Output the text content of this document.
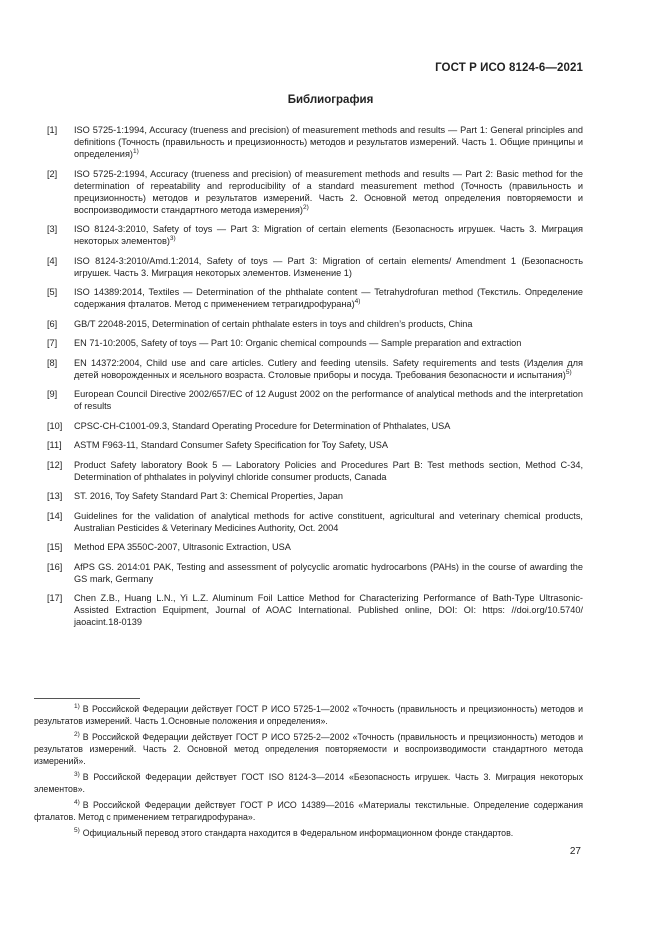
ГОСТ Р ИСО 8124-6—2021
Библиография
[1]	ISO 5725-1:1994, Accuracy (trueness and precision) of measurement methods and results — Part 1: General principles and definitions (Точность (правильность и прецизионность) методов и результатов измерений. Часть 1. Общие принципы и определения)$^{1)}$
[2]	ISO 5725-2:1994, Accuracy (trueness and precision) of measurement methods and results — Part 2: Basic method for the determination of repeatability and reproducibility of a standard measurement method (Точность (правильность и прецизионность) методов и результатов измерений. Часть 2. Основной метод определения повторяемости и воспроизводимости стандартного метода измерения)$^{2)}$
[3]	ISO 8124-3:2010, Safety of toys — Part 3: Migration of certain elements (Безопасность игрушек. Часть 3. Миграция некоторых элементов)$^{3)}$
[4]	ISO 8124-3:2010/Amd.1:2014, Safety of toys — Part 3: Migration of certain elements/ Amendment 1 (Безопасность игрушек. Часть 3. Миграция некоторых элементов. Изменение 1)
[5]	ISO 14389:2014, Textiles — Determination of the phthalate content — Tetrahydrofuran method (Текстиль. Определение содержания фталатов. Метод с применением тетрагидрофурана)$^{4)}$
[6]	GB/T 22048-2015, Determination of certain phthalate esters in toys and children’s products, China
[7]	EN 71-10:2005, Safety of toys — Part 10: Organic chemical compounds — Sample preparation and extraction
[8]	EN 14372:2004, Child use and care articles. Cutlery and feeding utensils. Safety requirements and tests (Изделия для детей новорожденных и ясельного возраста. Столовые приборы и посуда. Требования безопасности и испытания)$^{5)}$
[9]	European Council Directive 2002/657/EC of 12 August 2002 on the performance of analytical methods and the interpretation of results
[10]	CPSC-CH-C1001-09.3, Standard Operating Procedure for Determination of Phthalates, USA
[11]	ASTM F963-11, Standard Consumer Safety Specification for Toy Safety, USA
[12]	Product Safety laboratory Book 5 — Laboratory Policies and Procedures Part B: Test methods section, Method C-34, Determination of phthalates in polyvinyl chloride consumer products, Canada
[13]	ST. 2016, Toy Safety Standard Part 3: Chemical Properties, Japan
[14]	Guidelines for the validation of analytical methods for active constituent, agricultural and veterinary chemical products, Australian Pesticides & Veterinary Medicines Authority, Oct. 2004
[15]	Method EPA 3550C-2007, Ultrasonic Extraction, USA
[16]	AfPS GS. 2014:01 PAK, Testing and assessment of polycyclic aromatic hydrocarbons (PAHs) in the course of awarding the GS mark, Germany
[17]	Chen Z.B., Huang L.N., Yi L.Z. Aluminum Foil Lattice Method for Characterizing Performance of Bath-Type Ultrasonic-Assisted Extraction Equipment, Journal of AOAC International. Published online, DOI: OI: https: //doi.org/10.5740/ jaoacint.18-0139
$^{1)}$ В Российской Федерации действует ГОСТ Р ИСО 5725-1—2002 «Точность (правильность и прецизионность) методов и результатов измерений. Часть 1.Основные положения и определения».
$^{2)}$ В Российской Федерации действует ГОСТ Р ИСО 5725-2—2002 «Точность (правильность и прецизионность) методов и результатов измерений. Часть 2. Основной метод определения повторяемости и воспроизводимости стандартного метода измерений».
$^{3)}$ В Российской Федерации действует ГОСТ ISO 8124-3—2014 «Безопасность игрушек. Часть 3. Миграция некоторых элементов».
$^{4)}$ В Российской Федерации действует ГОСТ Р ИСО 14389—2016 «Материалы текстильные. Определение содержания фталатов. Метод с применением тетрагидрофурана».
$^{5)}$ Официальный перевод этого стандарта находится в Федеральном информационном фонде стандартов.
27
